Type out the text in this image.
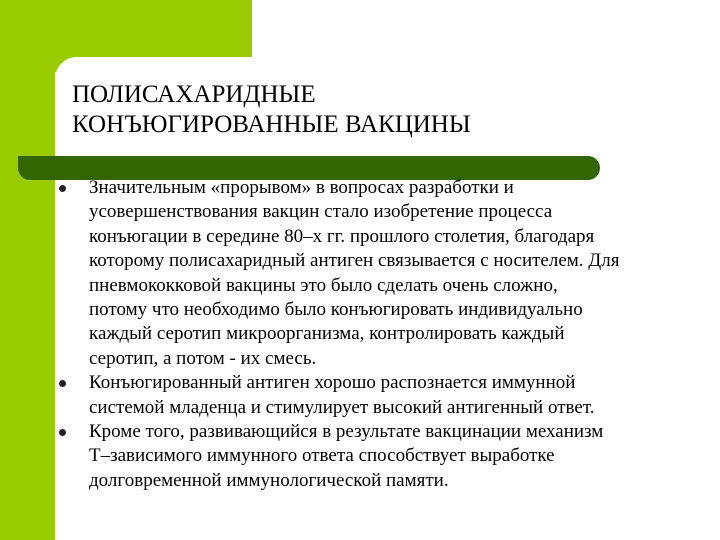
ПОЛИСАХАРИДНЫЕ
КОНЪЮГИРОВАННЫЕ ВАКЦИНЫ
Значительным «прорывом» в вопросах разработки и
усовершенствования вакцин стало изобретение процесса
конъюгации в середине 80–х гг. прошлого столетия, благодаря
которому полисахаридный антиген связывается с носителем. Для
пневмококковой вакцины это было сделать очень сложно,
потому что необходимо было конъюгировать индивидуально
каждый серотип микроорганизма, контролировать каждый
серотип, а потом - их смесь.
Конъюгированный антиген хорошо распознается иммунной
системой младенца и стимулирует высокий антигенный ответ.
Кроме того, развивающийся в результате вакцинации механизм
Т–зависимого иммунного ответа способствует выработке
долговременной иммунологической памяти.
